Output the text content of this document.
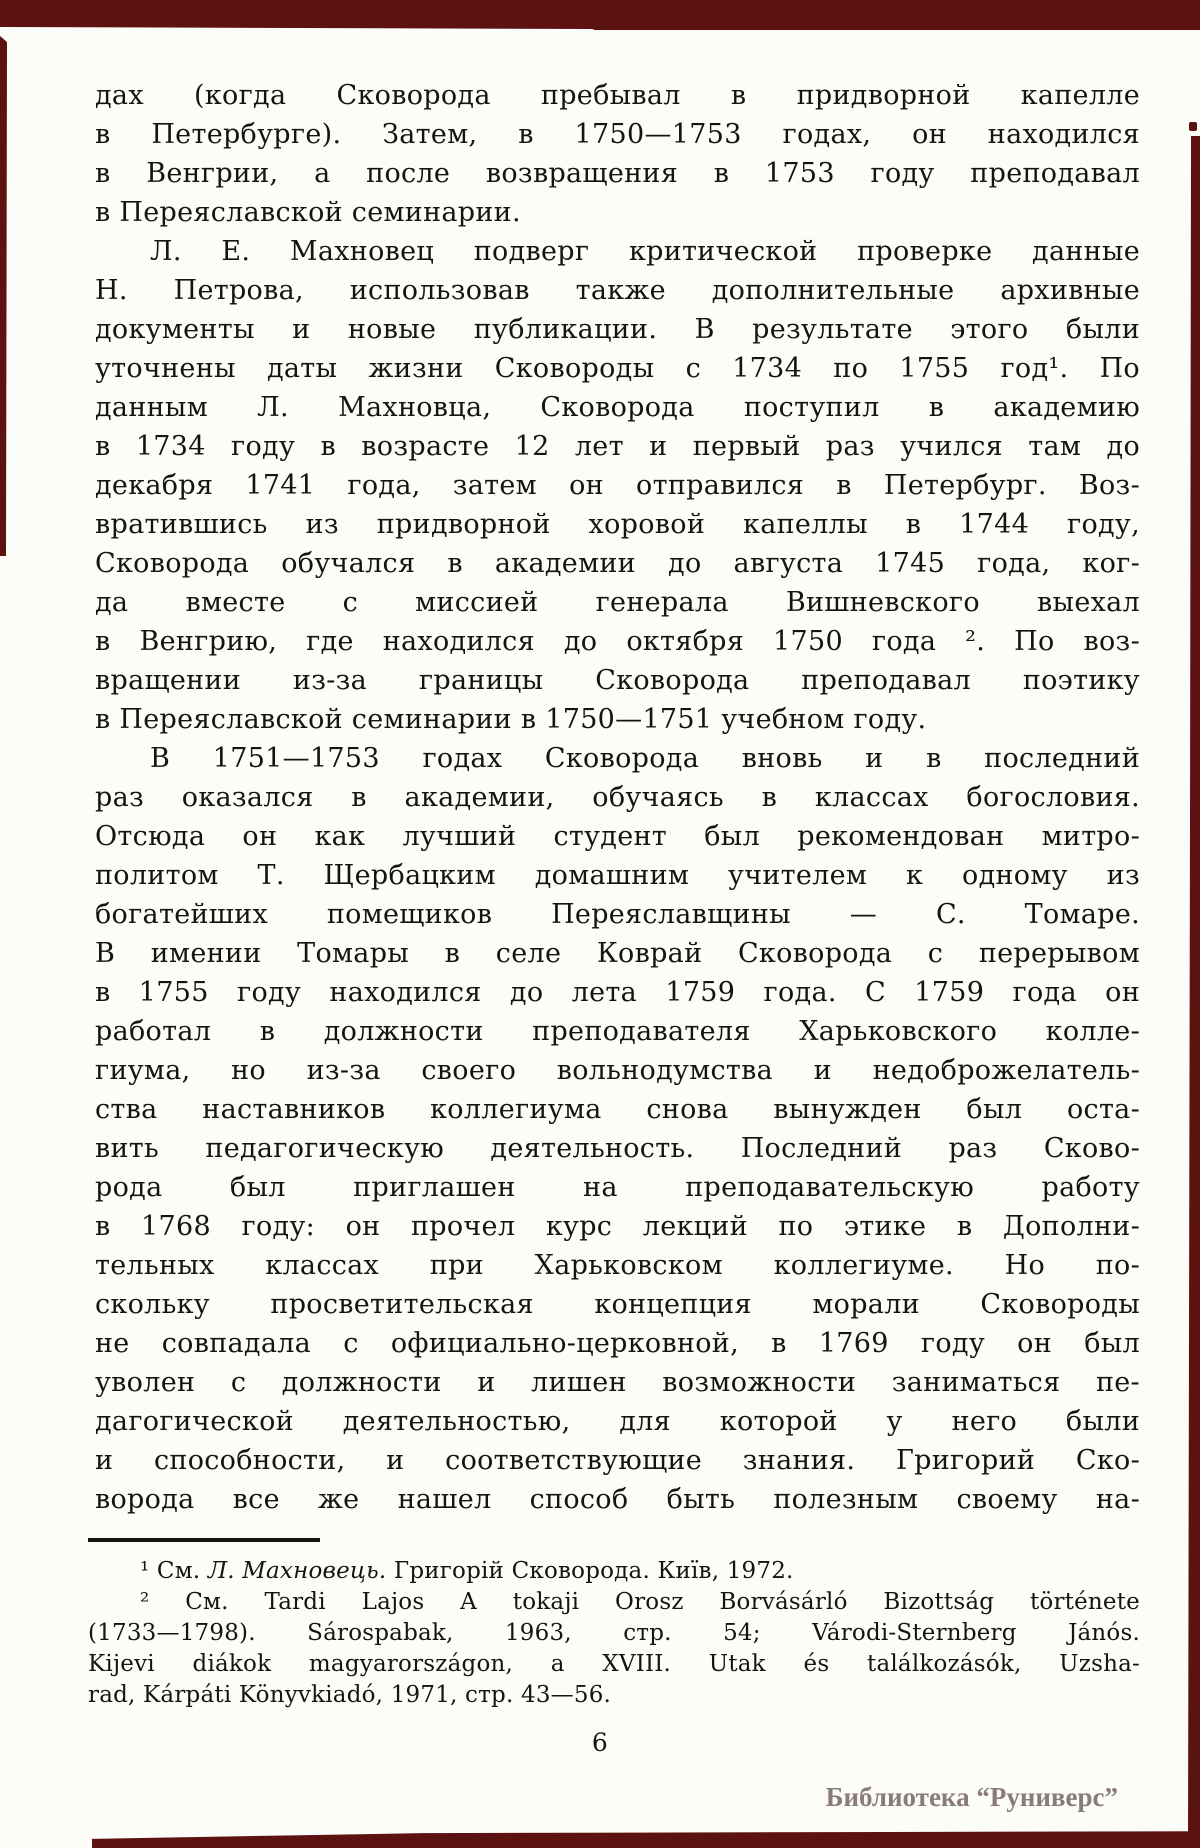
дах (когда Сковорода пребывал в придворной капелле
в Петербурге). Затем, в 1750—1753 годах, он находился
в Венгрии, а после возвращения в 1753 году преподавал
в Переяславской семинарии.
Л. Е. Махновец подверг критической проверке данные
Н. Петрова, использовав также дополнительные архивные
документы и новые публикации. В результате этого были
уточнены даты жизни Сковороды с 1734 по 1755 год¹. По
данным Л. Махновца, Сковорода поступил в академию
в 1734 году в возрасте 12 лет и первый раз учился там до
декабря 1741 года, затем он отправился в Петербург. Воз-
вратившись из придворной хоровой капеллы в 1744 году,
Сковорода обучался в академии до августа 1745 года, ког-
да вместе с миссией генерала Вишневского выехал
в Венгрию, где находился до октября 1750 года ². По воз-
вращении из-за границы Сковорода преподавал поэтику
в Переяславской семинарии в 1750—1751 учебном году.
В 1751—1753 годах Сковорода вновь и в последний
раз оказался в академии, обучаясь в классах богословия.
Отсюда он как лучший студент был рекомендован митро-
политом Т. Щербацким домашним учителем к одному из
богатейших помещиков Переяславщины — С. Томаре.
В имении Томары в селе Коврай Сковорода с перерывом
в 1755 году находился до лета 1759 года. С 1759 года он
работал в должности преподавателя Харьковского колле-
гиума, но из-за своего вольнодумства и недоброжелатель-
ства наставников коллегиума снова вынужден был оста-
вить педагогическую деятельность. Последний раз Сково-
рода был приглашен на преподавательскую работу
в 1768 году: он прочел курс лекций по этике в Дополни-
тельных классах при Харьковском коллегиуме. Но по-
скольку просветительская концепция морали Сковороды
не совпадала с официально-церковной, в 1769 году он был
уволен с должности и лишен возможности заниматься пе-
дагогической деятельностью, для которой у него были
и способности, и соответствующие знания. Григорий Ско-
ворода все же нашел способ быть полезным своему на-
¹ См. Л. Махновець. Григорій Сковорода. Київ, 1972.
² См. Tardi Lajos A tokaji Orosz Borvásárló Bizottság története
(1733—1798). Sárospabak, 1963, стр. 54; Várodi-Sternberg Jánós.
Kijevi diákok magyarországon, a XVIII. Utak és találkozásók, Uzsha-
rad, Kárpáti Könyvkiadó, 1971, стр. 43—56.
6
Библиотека “Руниверс”
